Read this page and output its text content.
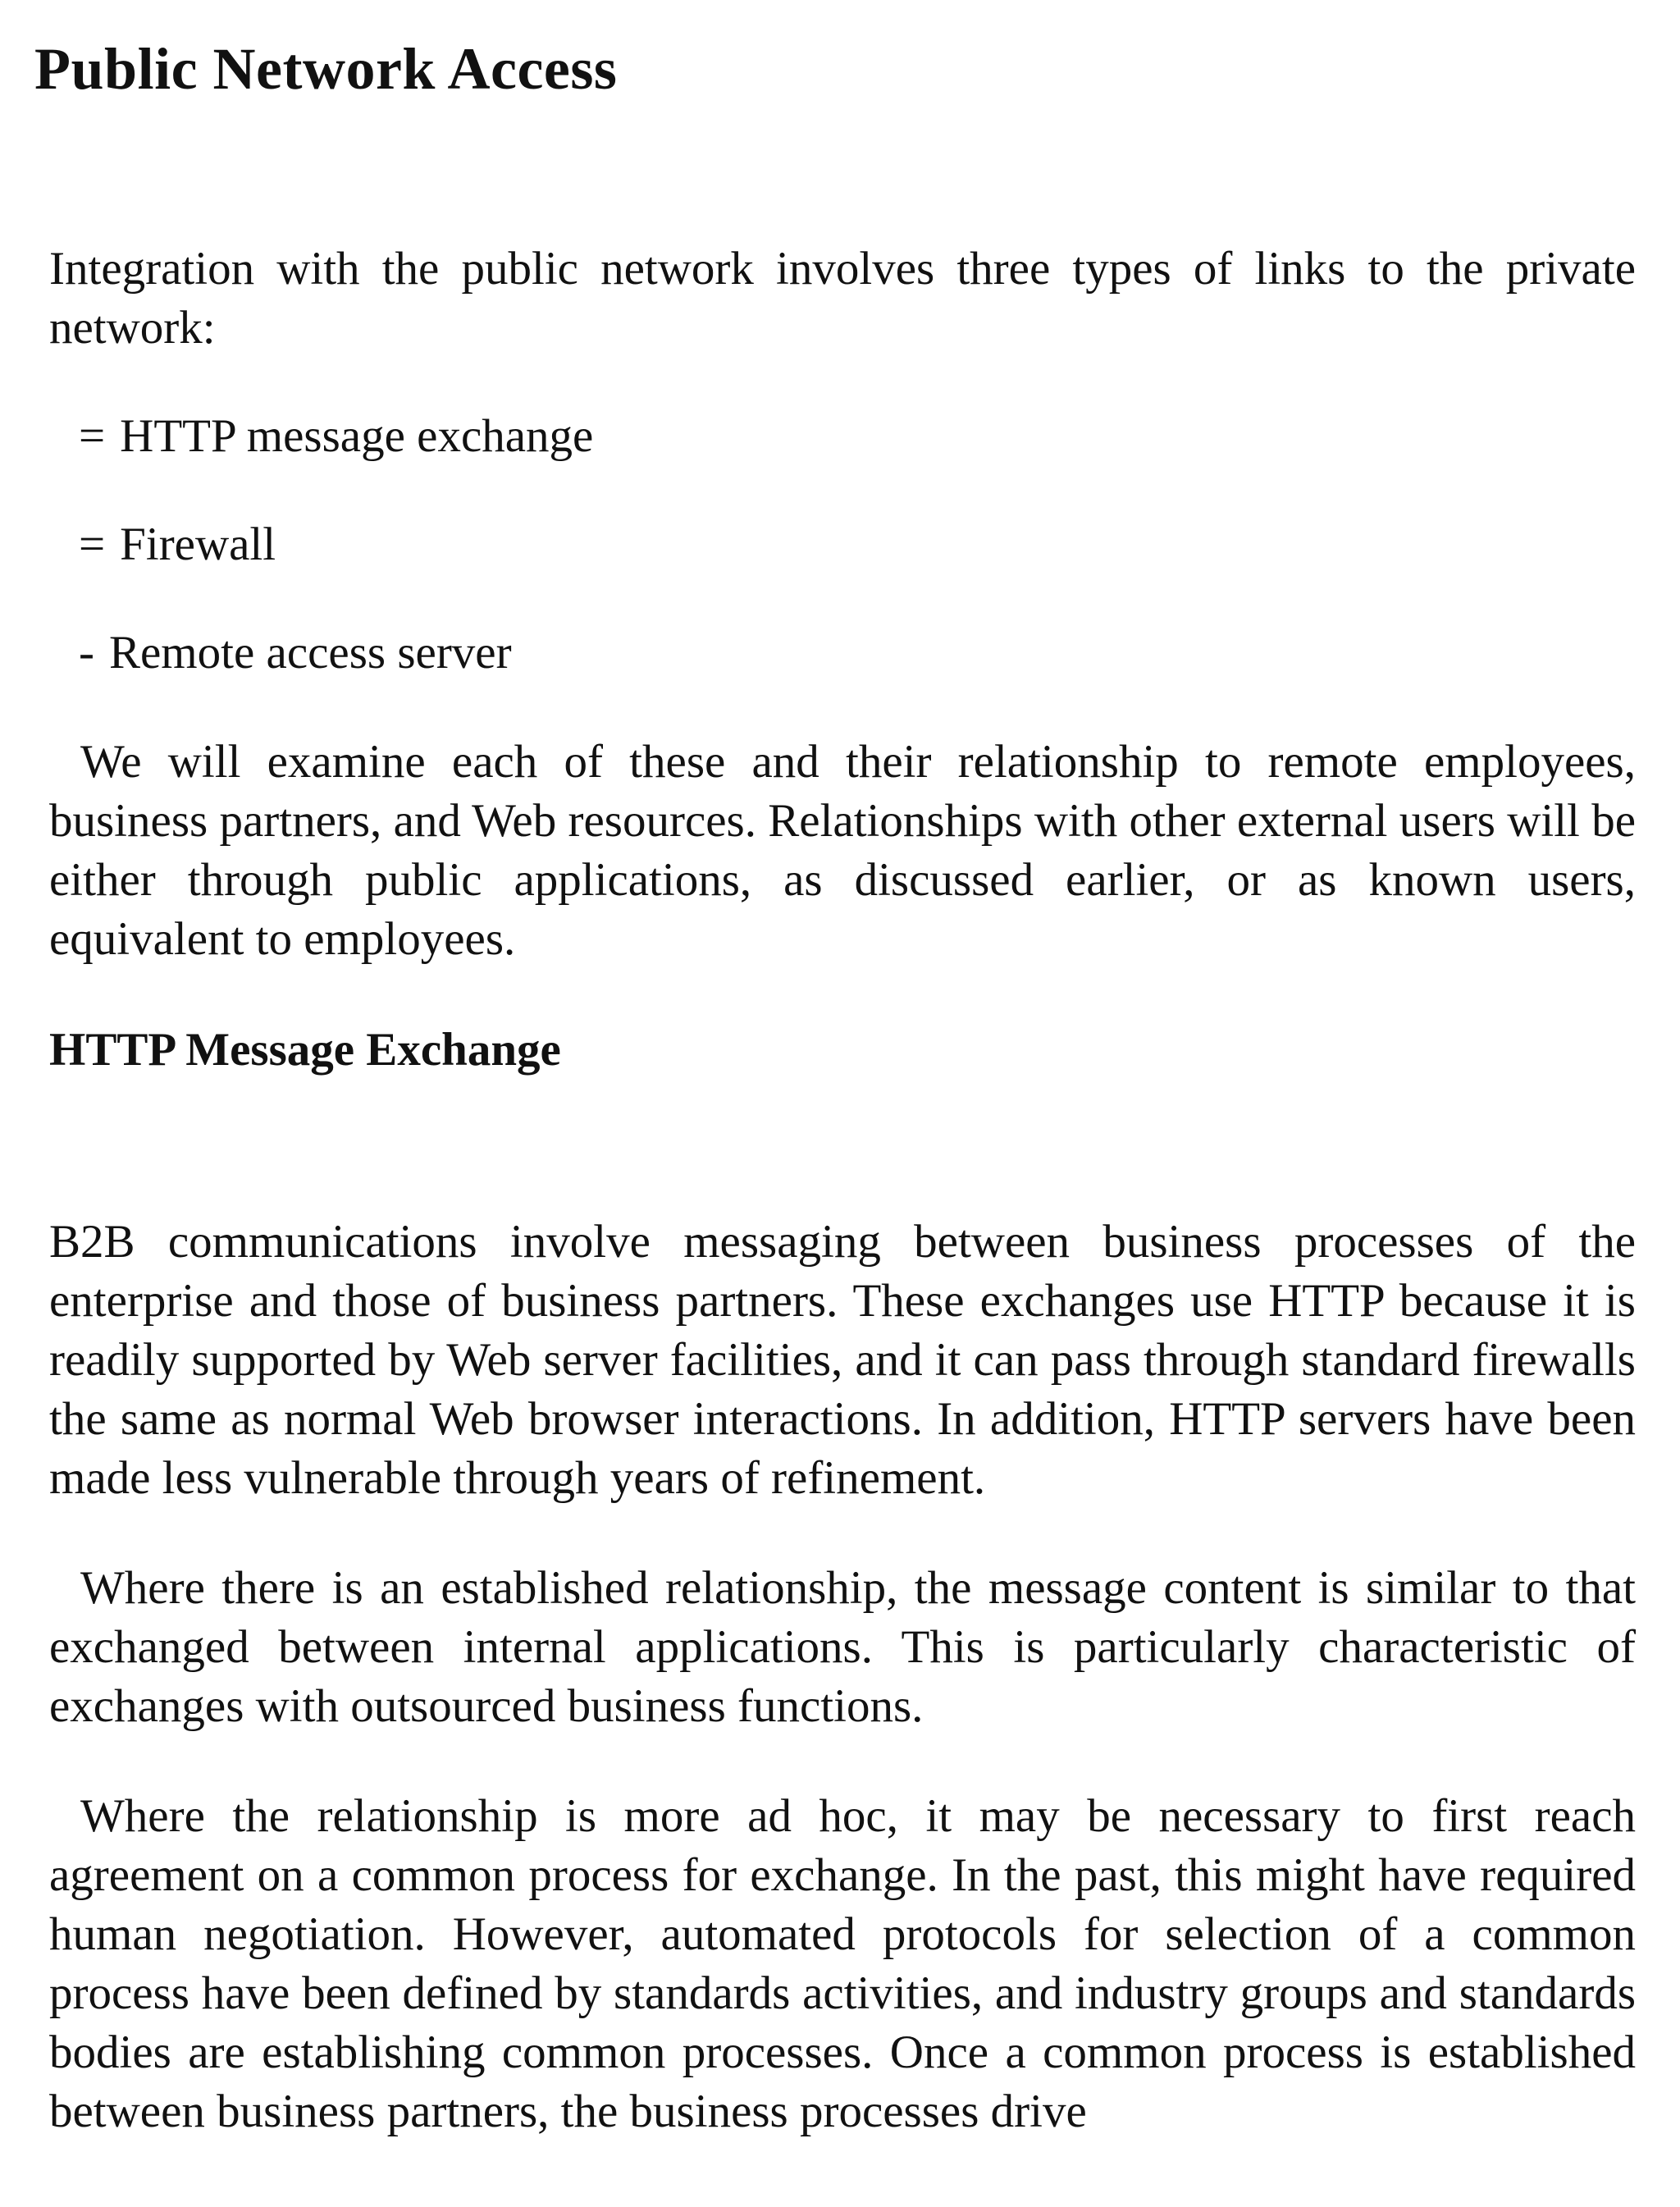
Public Network Access

Integration with the public network involves three types of links to the private network:

= HTTP message exchange
= Firewall
- Remote access server

We will examine each of these and their relationship to remote employees, business partners, and Web resources. Relationships with other external users will be either through public applications, as discussed earlier, or as known users, equivalent to employees.

HTTP Message Exchange

B2B communications involve messaging between business processes of the enterprise and those of business partners. These exchanges use HTTP because it is readily supported by Web server facilities, and it can pass through standard firewalls the same as normal Web browser interactions. In addition, HTTP servers have been made less vulnerable through years of refinement.

Where there is an established relationship, the message content is similar to that exchanged between internal applications. This is particularly characteristic of exchanges with outsourced business functions.

Where the relationship is more ad hoc, it may be necessary to first reach agreement on a common process for exchange. In the past, this might have required human negotiation. However, automated protocols for selection of a common process have been defined by standards activities, and industry groups and standards bodies are establishing common processes. Once a common process is established between business partners, the business processes drive
